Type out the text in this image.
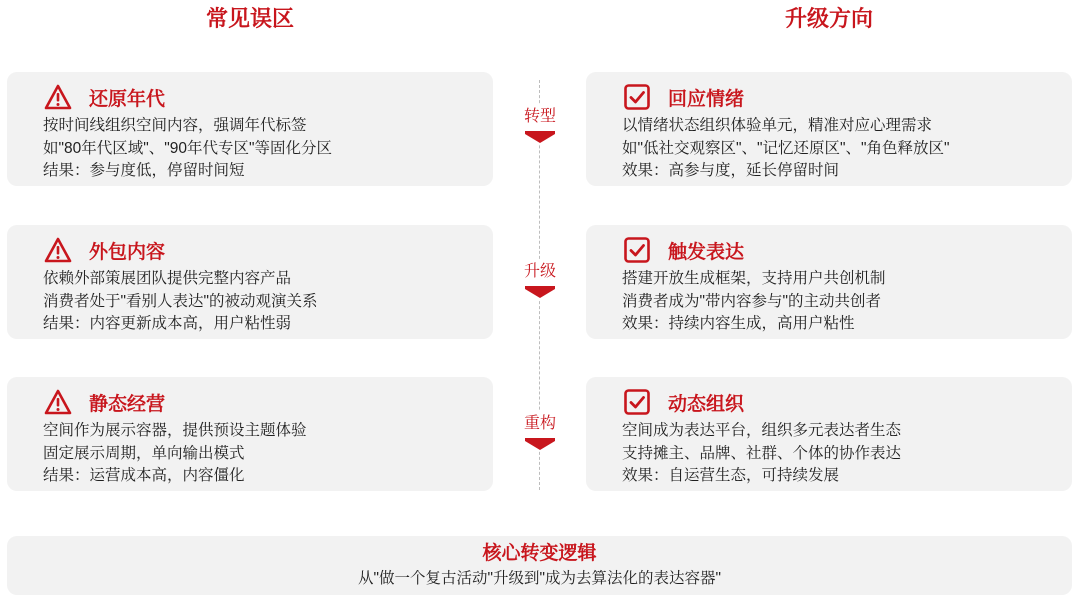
常见误区	升级方向
还原年代
按时间线组织空间内容，强调年代标签
如"80年代区域"、"90年代专区"等固化分区
结果：参与度低，停留时间短
外包内容
依赖外部策展团队提供完整内容产品
消费者处于"看别人表达"的被动观演关系
结果：内容更新成本高，用户粘性弱
静态经营
空间作为展示容器，提供预设主题体验
固定展示周期，单向输出模式
结果：运营成本高，内容僵化
转型
升级
重构
回应情绪
以情绪状态组织体验单元，精准对应心理需求
如"低社交观察区"、"记忆还原区"、"角色释放区"
效果：高参与度，延长停留时间
触发表达
搭建开放生成框架，支持用户共创机制
消费者成为"带内容参与"的主动共创者
效果：持续内容生成，高用户粘性
动态组织
空间成为表达平台，组织多元表达者生态
支持摊主、品牌、社群、个体的协作表达
效果：自运营生态，可持续发展
核心转变逻辑
从"做一个复古活动"升级到"成为去算法化的表达容器"
